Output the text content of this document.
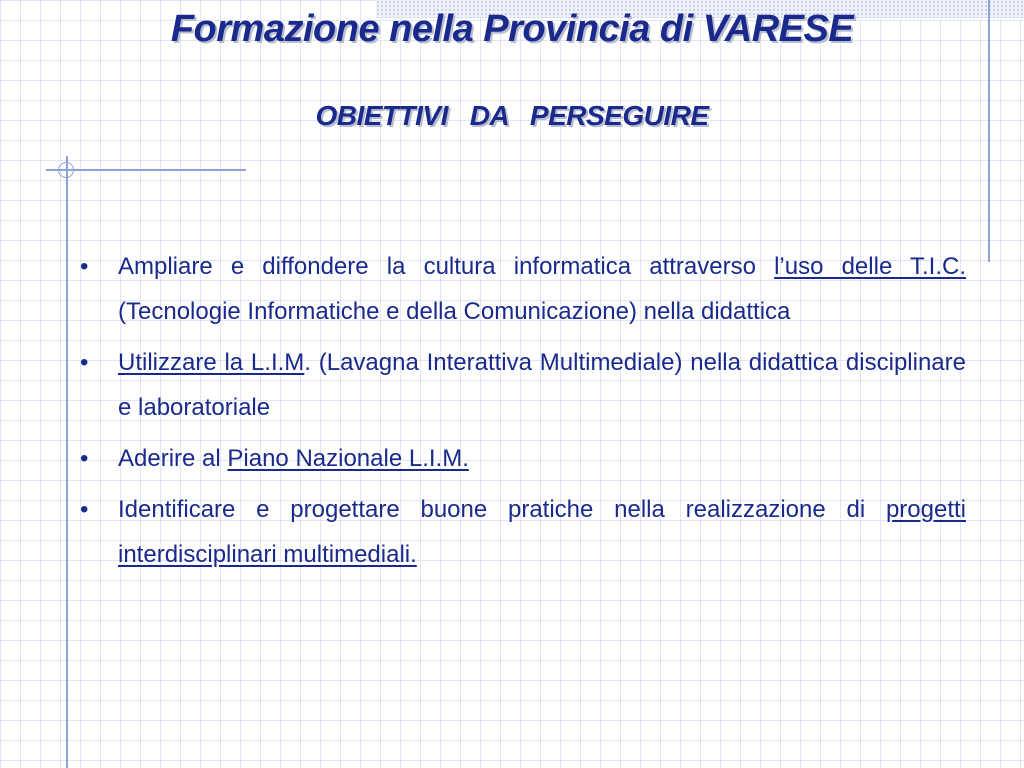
Formazione nella Provincia di VARESE
OBIETTIVI   DA   PERSEGUIRE
• Ampliare e diffondere la cultura informatica attraverso l’uso delle T.I.C. (Tecnologie Informatiche e della Comunicazione) nella didattica
• Utilizzare la L.I.M. (Lavagna Interattiva Multimediale) nella didattica disciplinare e laboratoriale
• Aderire al Piano Nazionale L.I.M.
• Identificare e progettare buone pratiche nella realizzazione di progetti interdisciplinari multimediali.
